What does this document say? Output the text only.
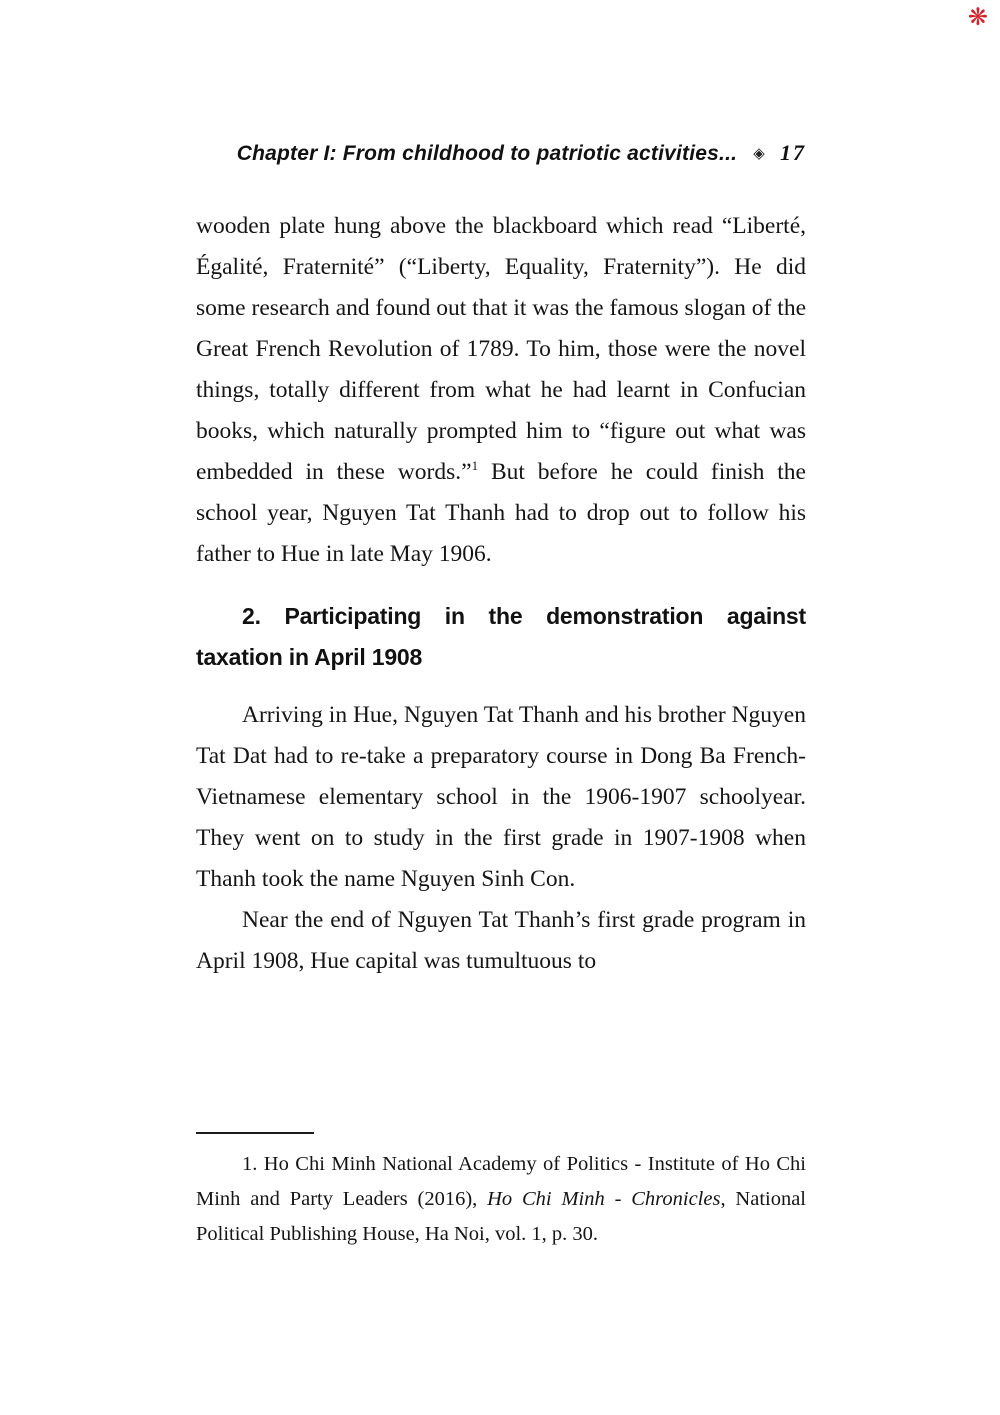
❋
Chapter I: From childhood to patriotic activities... ◈ 17

wooden plate hung above the blackboard which read “Liberté, Égalité, Fraternité” (“Liberty, Equality, Fraternity”). He did some research and found out that it was the famous slogan of the Great French Revolution of 1789. To him, those were the novel things, totally different from what he had learnt in Confucian books, which naturally prompted him to “figure out what was embedded in these words.”$^1$ But before he could finish the school year, Nguyen Tat Thanh had to drop out to follow his father to Hue in late May 1906.

2. Participating in the demonstration against taxation in April 1908

Arriving in Hue, Nguyen Tat Thanh and his brother Nguyen Tat Dat had to re-take a preparatory course in Dong Ba French-Vietnamese elementary school in the 1906-1907 schoolyear. They went on to study in the first grade in 1907-1908 when Thanh took the name Nguyen Sinh Con.

Near the end of Nguyen Tat Thanh’s first grade program in April 1908, Hue capital was tumultuous to

1. Ho Chi Minh National Academy of Politics - Institute of Ho Chi Minh and Party Leaders (2016), Ho Chi Minh - Chronicles, National Political Publishing House, Ha Noi, vol. 1, p. 30.
